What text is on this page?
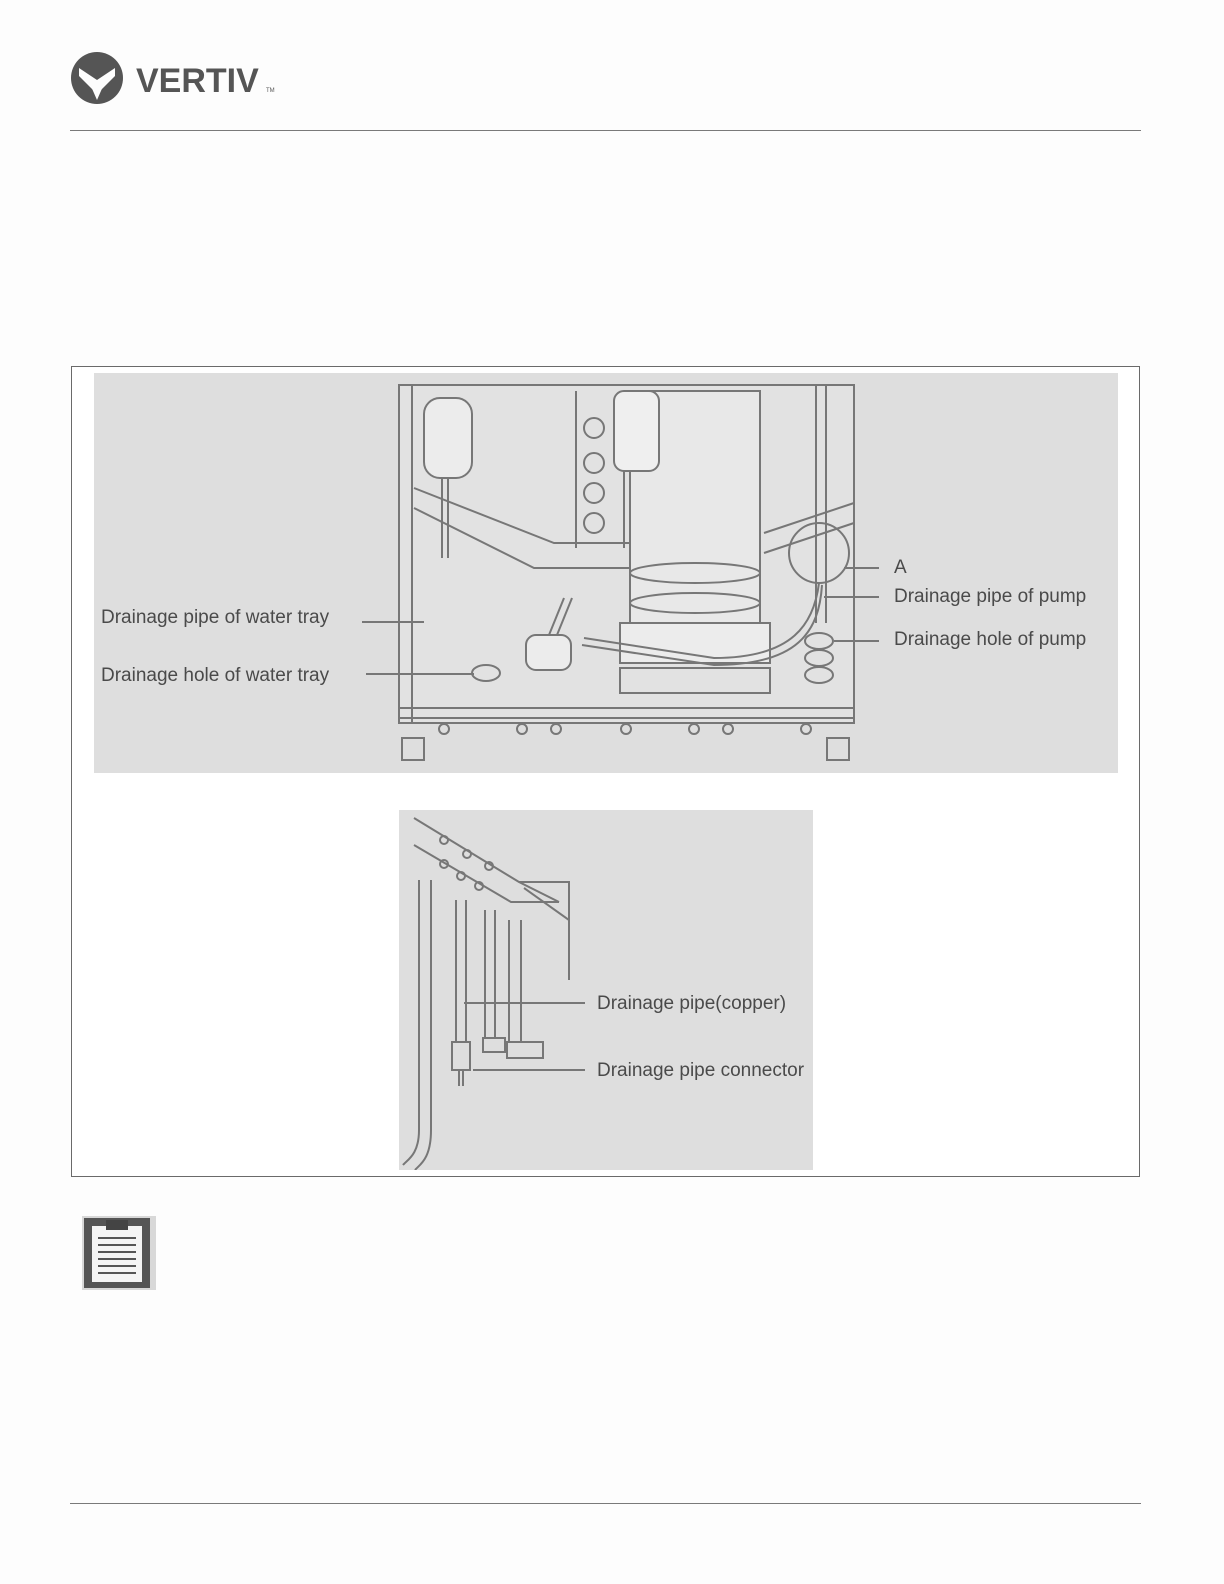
VERTIV TM
Drainage pipe of water tray
Drainage hole of water tray
A
Drainage pipe of pump
Drainage hole of pump
Drainage pipe(copper)
Drainage pipe connector
